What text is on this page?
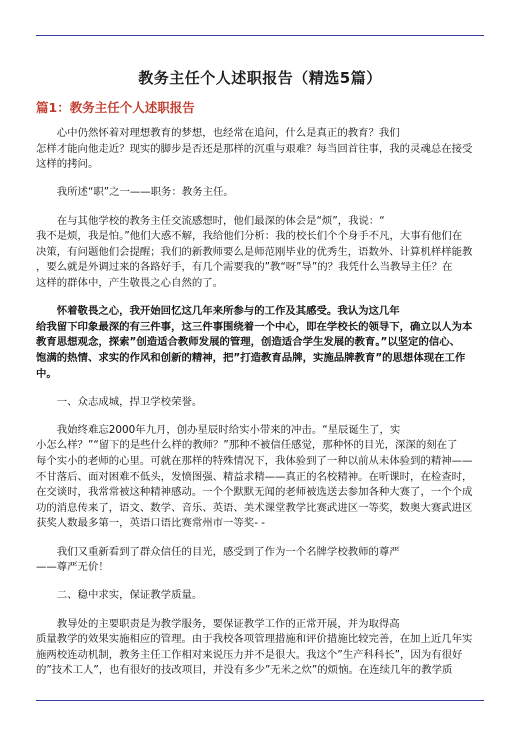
教务主任个人述职报告（精选5篇）
篇1：教务主任个人述职报告
　　心中仍然怀着对理想教育的梦想，也经常在追问，什么是真正的教育？我们
怎样才能向他走近？现实的脚步是否还是那样的沉重与艰难？每当回首往事，我的灵魂总在接受
这样的拷问。
　　我所述“职”之一——职务：教务主任。
　　在与其他学校的教务主任交流感想时，他们最深的体会是“烦”，我说：“
我不是烦，我是怕。”他们大惑不解，我给他们分析：我的校长们个个身手不凡，大事有他们在
决策，有问题他们会提醒；我们的新教师要么是师范刚毕业的优秀生，语数外、计算机样样能教
，要么就是外调过来的各路好手，有几个需要我的”教“呀”导”的？我凭什么当教导主任？在
这样的群体中，产生敬畏之心自然的了。
　　怀着敬畏之心，我开始回忆这几年来所参与的工作及其感受。我认为这几年
给我留下印象最深的有三件事，这三件事围绕着一个中心，即在学校长的领导下，确立以人为本
教育思想观念，探索”创造适合教师发展的管理，创造适合学生发展的教育。”以坚定的信心、
饱满的热情、求实的作风和创新的精神，把”打造教育品牌，实施品牌教育”的思想体现在工作
中。
　　一、众志成城，捍卫学校荣誉。
　　我始终难忘2000年九月，创办星辰时给实小带来的冲击。“星辰诞生了，实
小怎么样？”“留下的是些什么样的教师？”那种不被信任感觉，那种怀的目光，深深的刻在了
每个实小的老师的心里。可就在那样的特殊情况下，我体验到了一种以前从未体验到的精神——
不甘落后、面对困难不低头，发愤图强、精益求精——真正的名校精神。在听课时，在检查时，
在交谈时，我常常被这种精神感动。一个个默默无闻的老师被选送去参加各种大赛了，一个个成
功的消息传来了，语文、数学、音乐、英语、美术课堂教学比赛武进区一等奖，数奥大赛武进区
获奖人数最多第一，英语口语比赛常州市一等奖- -
　　我们又重新看到了群众信任的目光，感受到了作为一个名牌学校教师的尊严
——尊严无价！
　　二、稳中求实，保证教学质量。
　　教导处的主要职责是为教学服务，要保证教学工作的正常开展，并为取得高
质量教学的效果实施相应的管理。由于我校各项管理措施和评价措施比较完善，在加上近几年实
施两校连动机制，教务主任工作相对来说压力并不是很大。我这个”生产科科长”，因为有很好
的”技术工人”，也有很好的技改项目，并没有多少”无米之炊”的烦恼。在连续几年的教学质
